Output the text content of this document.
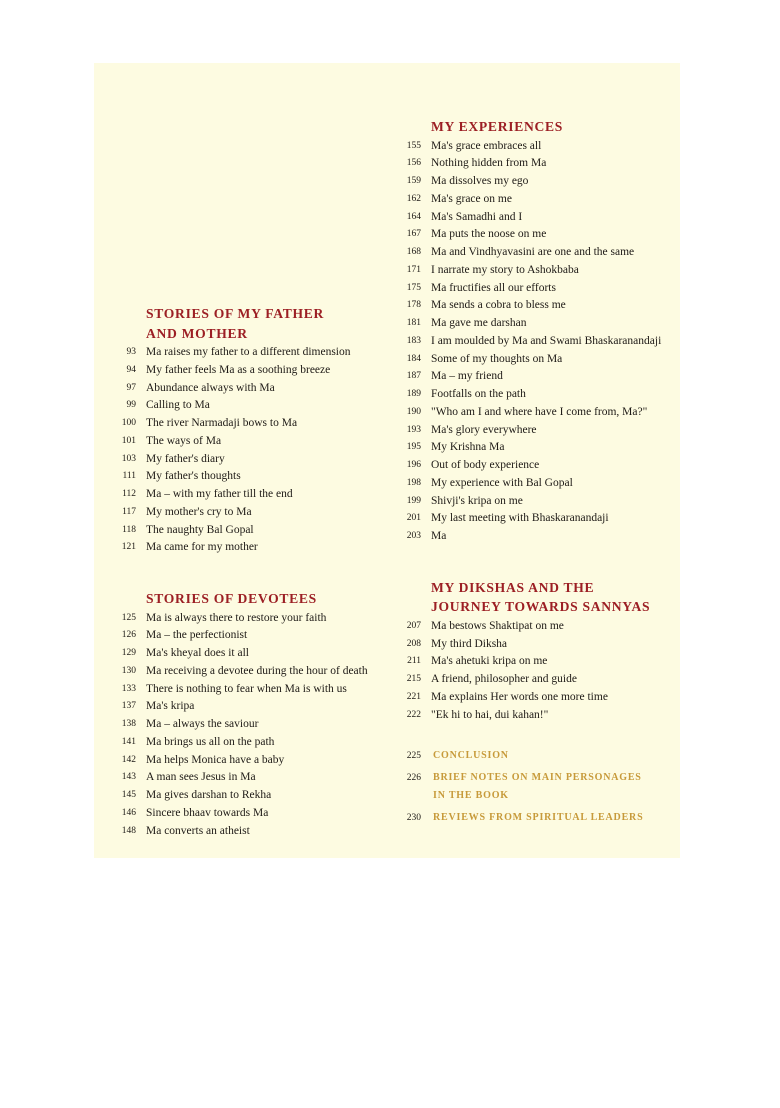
STORIES OF MY FATHER
AND MOTHER
93 Ma raises my father to a different dimension
94 My father feels Ma as a soothing breeze
97 Abundance always with Ma
99 Calling to Ma
100 The river Narmadaji bows to Ma
101 The ways of Ma
103 My father's diary
111 My father's thoughts
112 Ma – with my father till the end
117 My mother's cry to Ma
118 The naughty Bal Gopal
121 Ma came for my mother
STORIES OF DEVOTEES
125 Ma is always there to restore your faith
126 Ma – the perfectionist
129 Ma's kheyal does it all
130 Ma receiving a devotee during the hour of death
133 There is nothing to fear when Ma is with us
137 Ma's kripa
138 Ma – always the saviour
141 Ma brings us all on the path
142 Ma helps Monica have a baby
143 A man sees Jesus in Ma
145 Ma gives darshan to Rekha
146 Sincere bhaav towards Ma
148 Ma converts an atheist
MY EXPERIENCES
155 Ma's grace embraces all
156 Nothing hidden from Ma
159 Ma dissolves my ego
162 Ma's grace on me
164 Ma's Samadhi and I
167 Ma puts the noose on me
168 Ma and Vindhyavasini are one and the same
171 I narrate my story to Ashokbaba
175 Ma fructifies all our efforts
178 Ma sends a cobra to bless me
181 Ma gave me darshan
183 I am moulded by Ma and Swami Bhaskaranandaji
184 Some of my thoughts on Ma
187 Ma – my friend
189 Footfalls on the path
190 "Who am I and where have I come from, Ma?"
193 Ma's glory everywhere
195 My Krishna Ma
196 Out of body experience
198 My experience with Bal Gopal
199 Shivji's kripa on me
201 My last meeting with Bhaskaranandaji
203 Ma
MY DIKSHAS AND THE
JOURNEY TOWARDS SANNYAS
207 Ma bestows Shaktipat on me
208 My third Diksha
211 Ma's ahetuki kripa on me
215 A friend, philosopher and guide
221 Ma explains Her words one more time
222 "Ek hi to hai, dui kahan!"
225 CONCLUSION
226 BRIEF NOTES ON MAIN PERSONAGES
IN THE BOOK
230 REVIEWS FROM SPIRITUAL LEADERS
